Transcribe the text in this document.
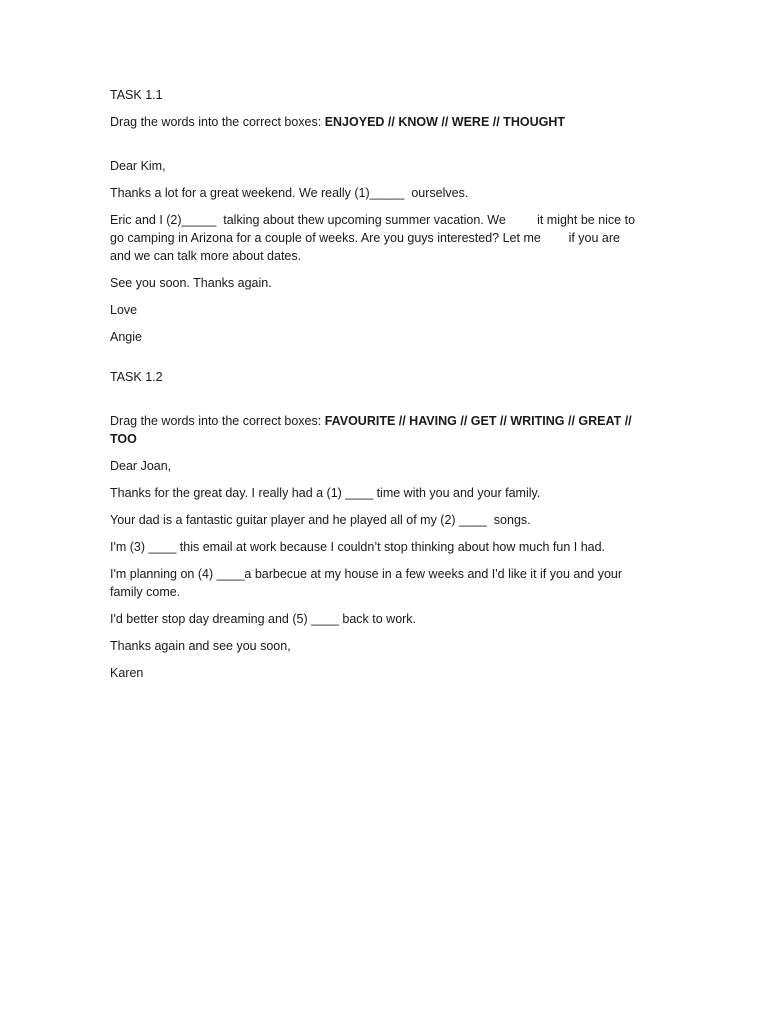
TASK 1.1
Drag the words into the correct boxes: ENJOYED // KNOW // WERE // THOUGHT
Dear Kim,
Thanks a lot for a great weekend. We really (1)_____  ourselves.
Eric and I (2)_____  talking about thew upcoming summer vacation. We         it might be nice to
go camping in Arizona for a couple of weeks. Are you guys interested? Let me        if you are
and we can talk more about dates.
See you soon. Thanks again.
Love
Angie
TASK 1.2
Drag the words into the correct boxes: FAVOURITE // HAVING // GET // WRITING // GREAT //
TOO
Dear Joan,
Thanks for the great day. I really had a (1) ____ time with you and your family.
Your dad is a fantastic guitar player and he played all of my (2) ____  songs.
I'm (3) ____ this email at work because I couldn’t stop thinking about how much fun I had.
I'm planning on (4) ____a barbecue at my house in a few weeks and I'd like it if you and your
family come.
I'd better stop day dreaming and (5) ____ back to work.
Thanks again and see you soon,
Karen
